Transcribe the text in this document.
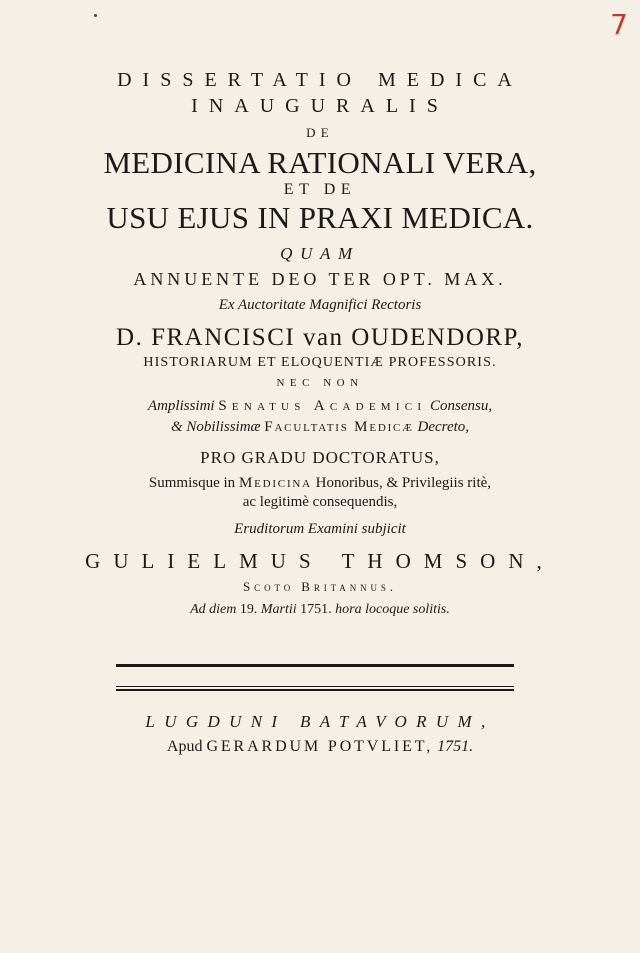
7
DISSERTATIO MEDICA
INAUGURALIS
DE
MEDICINA RATIONALI VERA,
ET DE
USU EJUS IN PRAXI MEDICA.
QUAM
ANNUENTE DEO TER OPT. MAX.
Ex Auctoritate Magnifici Rectoris
D. FRANCISCI van OUDENDORP,
HISTORIARUM ET ELOQUENTIÆ PROFESSORIS.
NEC NON
Amplissimi Senatus Academici Consensu,
& Nobilissimæ Facultatis Medicæ Decreto,
PRO GRADU DOCTORATUS,
Summisque in Medicina Honoribus, & Privilegiis ritè,
ac legitimè consequendis,
Eruditorum Examini subjicit
GULIELMUS THOMSON,
Scoto Britannus.
Ad diem 19. Martii 1751. hora locoque solitis.
LUGDUNI BATAVORUM,
Apud GERARDUM POTVLIET, 1751.
